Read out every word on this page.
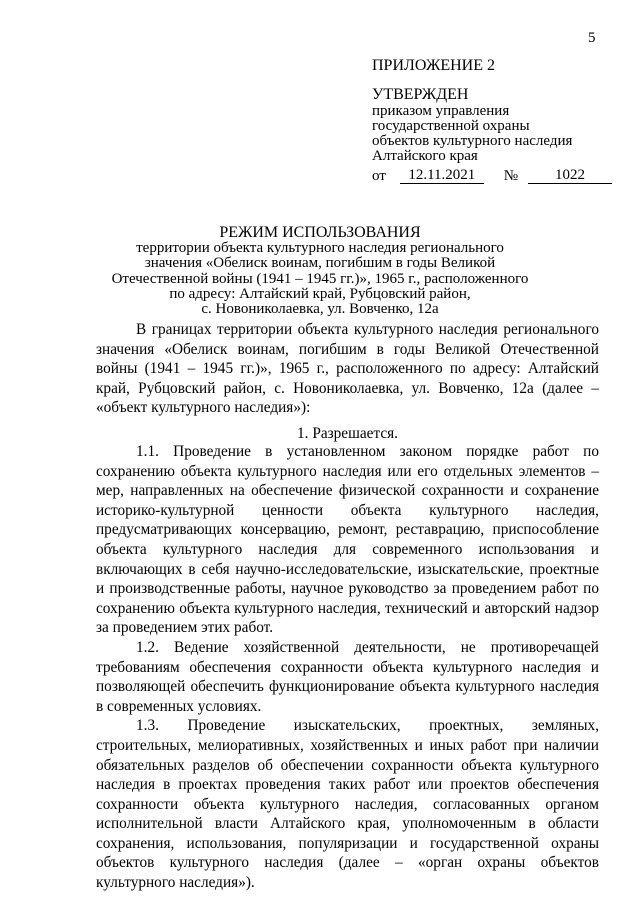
5
ПРИЛОЖЕНИЕ 2
УТВЕРЖДЕН
приказом управления
государственной охраны
объектов культурного наследия
Алтайского края
от	12.11.2021	№	1022
РЕЖИМ ИСПОЛЬЗОВАНИЯ
территории объекта культурного наследия регионального
значения «Обелиск воинам, погибшим в годы Великой
Отечественной войны (1941 – 1945 гг.)», 1965 г., расположенного
по адресу: Алтайский край, Рубцовский район,
с. Новониколаевка, ул. Вовченко, 12а

В границах территории объекта культурного наследия регионального значения «Обелиск воинам, погибшим в годы Великой Отечественной войны (1941 – 1945 гг.)», 1965 г., расположенного по адресу: Алтайский край, Рубцовский район, с. Новониколаевка, ул. Вовченко, 12а (далее – «объект культурного наследия»):

1. Разрешается.

1.1. Проведение в установленном законом порядке работ по сохранению объекта культурного наследия или его отдельных элементов – мер, направленных на обеспечение физической сохранности и сохранение историко-культурной ценности объекта культурного наследия, предусматривающих консервацию, ремонт, реставрацию, приспособление объекта культурного наследия для современного использования и включающих в себя научно-исследовательские, изыскательские, проектные и производственные работы, научное руководство за проведением работ по сохранению объекта культурного наследия, технический и авторский надзор за проведением этих работ.

1.2. Ведение хозяйственной деятельности, не противоречащей требованиям обеспечения сохранности объекта культурного наследия и позволяющей обеспечить функционирование объекта культурного наследия в современных условиях.

1.3. Проведение изыскательских, проектных, земляных, строительных, мелиоративных, хозяйственных и иных работ при наличии обязательных разделов об обеспечении сохранности объекта культурного наследия в проектах проведения таких работ или проектов обеспечения сохранности объекта культурного наследия, согласованных органом исполнительной власти Алтайского края, уполномоченным в области сохранения, использования, популяризации и государственной охраны объектов культурного наследия (далее – «орган охраны объектов культурного наследия»).
